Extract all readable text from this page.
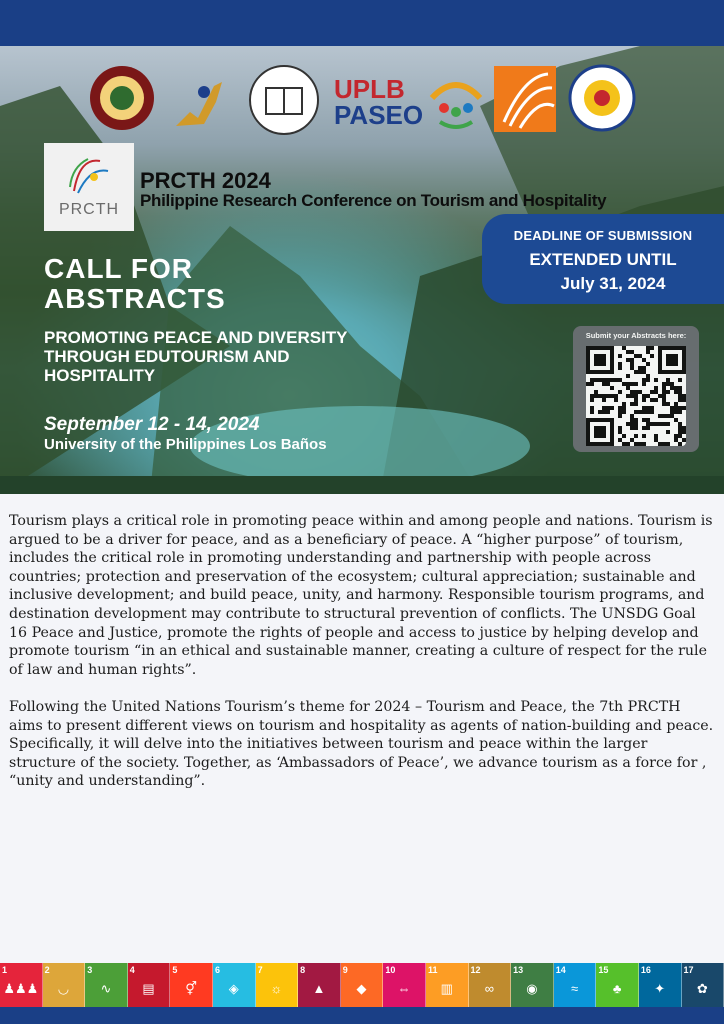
UPLB
PASEO
PRCTH
PRCTH 2024
Philippine Research Conference on Tourism and Hospitality
DEADLINE OF SUBMISSION
EXTENDED UNTIL
July 31, 2024
CALL FOR
ABSTRACTS
PROMOTING PEACE AND DIVERSITY
THROUGH EDUTOURISM AND
HOSPITALITY
September 12 - 14, 2024
University of the Philippines Los Baños
Submit your Abstracts here:

Tourism plays a critical role in promoting peace within and among people and nations. Tourism is argued to be a driver for peace, and as a beneficiary of peace. A “higher purpose” of tourism, includes the critical role in promoting understanding and partnership with people across countries; protection and preservation of the ecosystem; cultural appreciation; sustainable and inclusive development; and build peace, unity, and harmony. Responsible tourism programs, and destination development may contribute to structural prevention of conflicts. The UNSDG Goal 16 Peace and Justice, promote the rights of people and access to justice by helping develop and promote tourism “in an ethical and sustainable manner, creating a culture of respect for the rule of law and human rights”.

Following the United Nations Tourism’s theme for 2024 – Tourism and Peace, the 7th PRCTH aims to present different views on tourism and hospitality as agents of nation-building and peace. Specifically, it will delve into the initiatives between tourism and peace within the larger structure of the society. Together, as ‘Ambassadors of Peace’, we advance tourism as a force for , “unity and understanding”.

1
♟♟♟
2
◡
3
∿
4
▤
5
⚥
6
◈
7
☼
8
▲
9
◆
10
⇔
11
▥
12
∞
13
◉
14
≈
15
♣
16
✦
17
✿
